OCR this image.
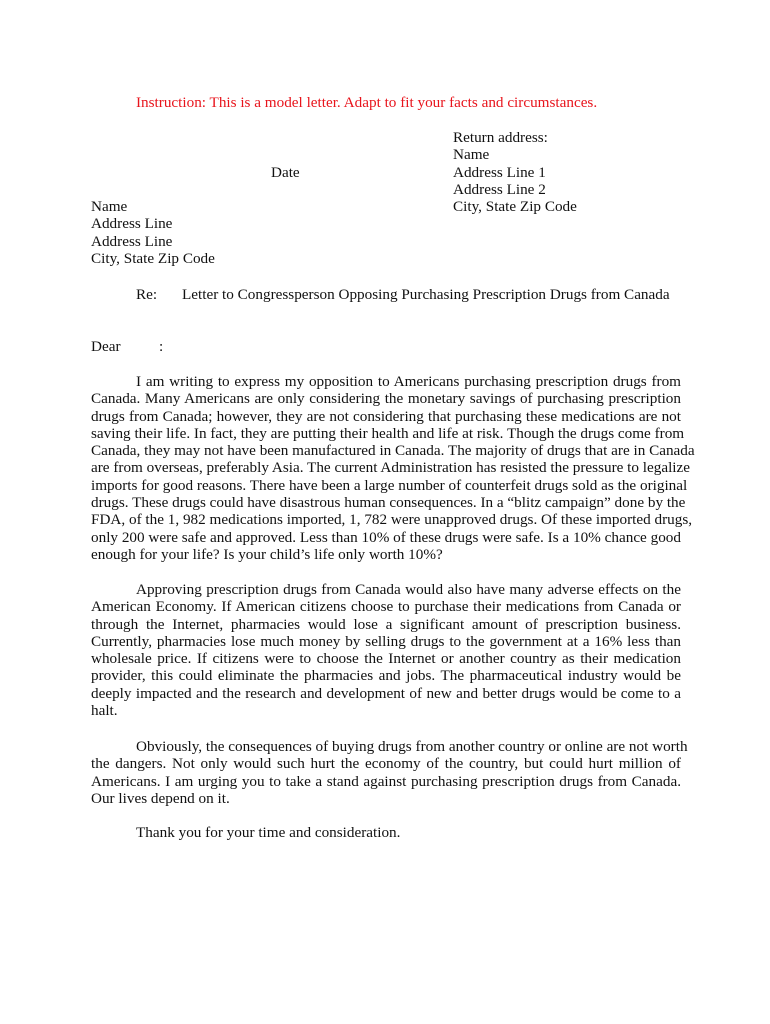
Instruction: This is a model letter. Adapt to fit your facts and circumstances.
Return address:
Name
Address Line 1
Address Line 2
City, State Zip Code
Date
Name
Address Line
Address Line
City, State Zip Code
Re: Letter to Congressperson Opposing Purchasing Prescription Drugs from Canada
Dear	:
I am writing to express my opposition to Americans purchasing prescription drugs from
Canada. Many Americans are only considering the monetary savings of purchasing prescription
drugs from Canada; however, they are not considering that purchasing these medications are not
saving their life. In fact, they are putting their health and life at risk. Though the drugs come from
Canada, they may not have been manufactured in Canada. The majority of drugs that are in Canada
are from overseas, preferably Asia. The current Administration has resisted the pressure to legalize
imports for good reasons. There have been a large number of counterfeit drugs sold as the original
drugs. These drugs could have disastrous human consequences. In a “blitz campaign” done by the
FDA, of the 1, 982 medications imported, 1, 782 were unapproved drugs. Of these imported drugs,
only 200 were safe and approved. Less than 10% of these drugs were safe. Is a 10% chance good
enough for your life? Is your child’s life only worth 10%?
Approving prescription drugs from Canada would also have many adverse effects on the
American Economy. If American citizens choose to purchase their medications from Canada or
through the Internet, pharmacies would lose a significant amount of prescription business.
Currently, pharmacies lose much money by selling drugs to the government at a 16% less than
wholesale price. If citizens were to choose the Internet or another country as their medication
provider, this could eliminate the pharmacies and jobs. The pharmaceutical industry would be
deeply impacted and the research and development of new and better drugs would be come to a
halt.
Obviously, the consequences of buying drugs from another country or online are not worth
the dangers. Not only would such hurt the economy of the country, but could hurt million of
Americans. I am urging you to take a stand against purchasing prescription drugs from Canada.
Our lives depend on it.
Thank you for your time and consideration.
